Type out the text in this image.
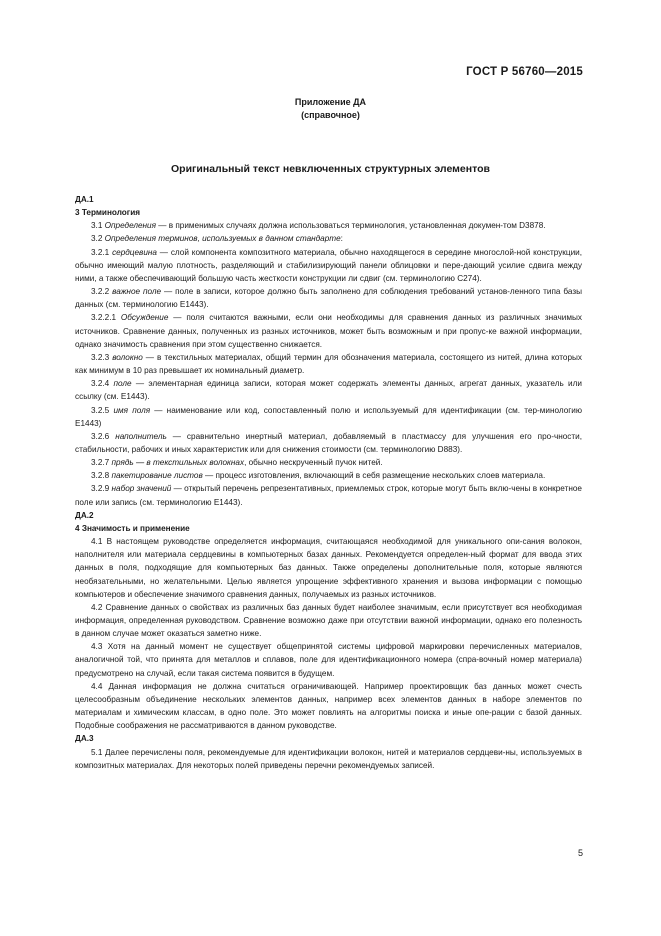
ГОСТ Р 56760—2015
Приложение ДА
(справочное)
Оригинальный текст невключенных структурных элементов

ДА.1

3 Терминология

3.1 Определения — в применимых случаях должна использоваться терминология, установленная докумен-том D3878.

3.2 Определения терминов, используемых в данном стандарте:

3.2.1 сердцевина — слой компонента композитного материала, обычно находящегося в середине многослой-ной конструкции, обычно имеющий малую плотность, разделяющий и стабилизирующий панели облицовки и пере-дающий усилие сдвига между ними, а также обеспечивающий большую часть жесткости конструкции ли сдвиг (см. терминологию C274).

3.2.2 важное поле — поле в записи, которое должно быть заполнено для соблюдения требований установ-ленного типа базы данных (см. терминологию E1443).

3.2.2.1 Обсуждение — поля считаются важными, если они необходимы для сравнения данных из различных значимых источников. Сравнение данных, полученных из разных источников, может быть возможным и при пропус-ке важной информации, однако значимость сравнения при этом существенно снижается.

3.2.3 волокно — в текстильных материалах, общий термин для обозначения материала, состоящего из нитей, длина которых как минимум в 10 раз превышает их номинальный диаметр.

3.2.4 поле — элементарная единица записи, которая может содержать элементы данных, агрегат данных, указатель или ссылку (см. E1443).

3.2.5 имя поля — наименование или код, сопоставленный полю и используемый для идентификации (см. тер-минологию E1443)

3.2.6 наполнитель — сравнительно инертный материал, добавляемый в пластмассу для улучшения его про-чности, стабильности, рабочих и иных характеристик или для снижения стоимости (см. терминологию D883).

3.2.7 прядь — в текстильных волокнах, обычно нескрученный пучок нитей.

3.2.8 пакетирование листов — процесс изготовления, включающий в себя размещение нескольких слоев материала.

3.2.9 набор значений — открытый перечень репрезентативных, приемлемых строк, которые могут быть вклю-чены в конкретное поле или запись (см. терминологию E1443).

ДА.2

4 Значимость и применение

4.1 В настоящем руководстве определяется информация, считающаяся необходимой для уникального опи-сания волокон, наполнителя или материала сердцевины в компьютерных базах данных. Рекомендуется определен-ный формат для ввода этих данных в поля, подходящие для компьютерных баз данных. Также определены дополнительные поля, которые являются необязательными, но желательными. Целью является упрощение эффективного хранения и вызова информации с помощью компьютеров и обеспечение значимого сравнения данных, получаемых из разных источников.

4.2 Сравнение данных о свойствах из различных баз данных будет наиболее значимым, если присутствует вся необходимая информация, определенная руководством. Сравнение возможно даже при отсутствии важной информации, однако его полезность в данном случае может оказаться заметно ниже.

4.3 Хотя на данный момент не существует общепринятой системы цифровой маркировки перечисленных материалов, аналогичной той, что принята для металлов и сплавов, поле для идентификационного номера (спра-вочный номер материала) предусмотрено на случай, если такая система появится в будущем.

4.4 Данная информация не должна считаться ограничивающей. Например проектировщик баз данных может счесть целесообразным объединение нескольких элементов данных, например всех элементов данных в наборе элементов по материалам и химическим классам, в одно поле. Это может повлиять на алгоритмы поиска и иные опе-рации с базой данных. Подобные соображения не рассматриваются в данном руководстве.

ДА.3

5.1 Далее перечислены поля, рекомендуемые для идентификации волокон, нитей и материалов сердцеви-ны, используемых в композитных материалах. Для некоторых полей приведены перечни рекомендуемых записей.

5
